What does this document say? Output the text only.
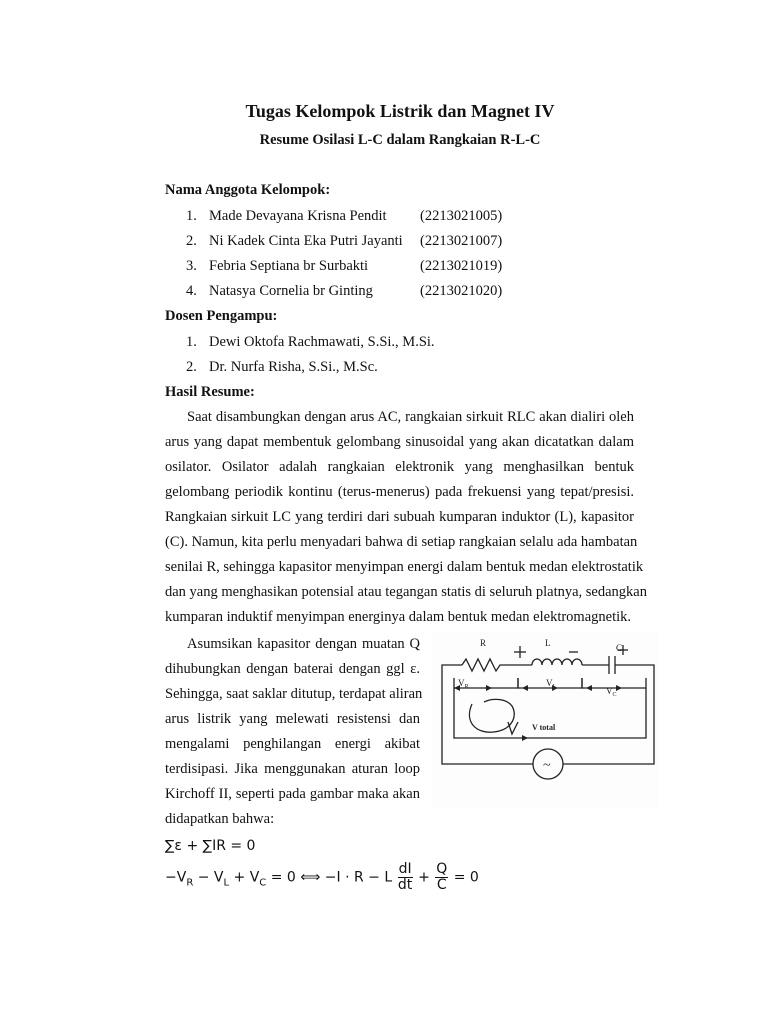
Tugas Kelompok Listrik dan Magnet IV
Resume Osilasi L-C dalam Rangkaian R-L-C
Nama Anggota Kelompok:
1. Made Devayana Krisna Pendit (2213021005)
2. Ni Kadek Cinta Eka Putri Jayanti (2213021007)
3. Febria Septiana br Surbakti	(2213021019)
4. Natasya Cornelia br Ginting	(2213021020)
Dosen Pengampu:
1. Dewi Oktofa Rachmawati, S.Si., M.Si.
2. Dr. Nurfa Risha, S.Si., M.Sc.
Hasil Resume:
Saat disambungkan dengan arus AC, rangkaian sirkuit RLC akan dialiri oleh
arus yang dapat membentuk gelombang sinusoidal yang akan dicatatkan dalam
osilator. Osilator adalah rangkaian elektronik yang menghasilkan bentuk
gelombang periodik kontinu (terus-menerus) pada frekuensi yang tepat/presisi.
Rangkaian sirkuit LC yang terdiri dari subuah kumparan induktor (L), kapasitor
(C). Namun, kita perlu menyadari bahwa di setiap rangkaian selalu ada hambatan
senilai R, sehingga kapasitor menyimpan energi dalam bentuk medan elektrostatik
dan yang menghasikan potensial atau tegangan statis di seluruh platnya, sedangkan
kumparan induktif menyimpan energinya dalam bentuk medan elektromagnetik.
Asumsikan kapasitor dengan muatan Q
dihubungkan dengan baterai dengan ggl ε.
Sehingga, saat saklar ditutup, terdapat aliran
arus listrik yang melewati resistensi dan
mengalami penghilangan energi akibat
terdisipasi. Jika menggunakan aturan loop
Kirchoff II, seperti pada gambar maka akan
didapatkan bahwa:
R	L	C
$V_R$	$V_L$	$V_C$
V total
~
∑ε + ∑IR = 0
$-V_R - V_L + V_C = 0$ ⟺ −I · R − L $\frac{dI}{dt} + \frac{Q}{C} = 0$
